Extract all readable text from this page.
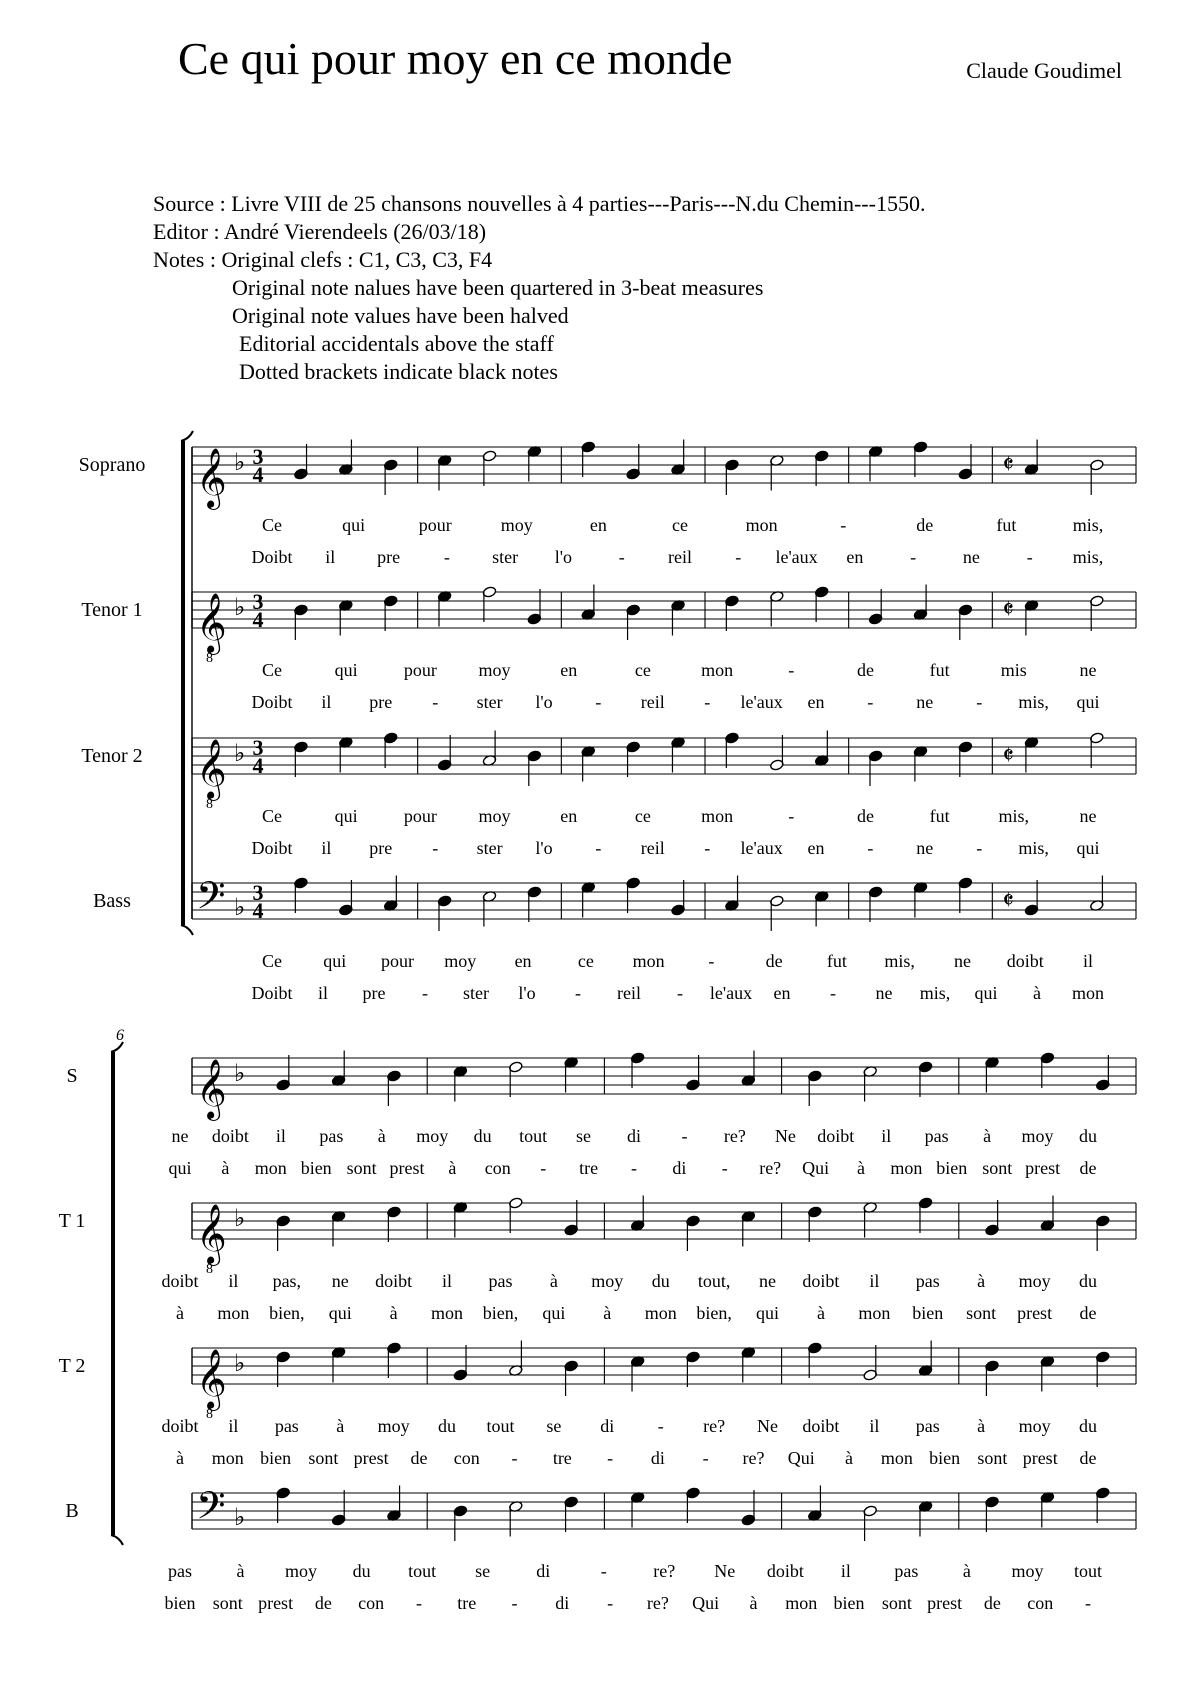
Ce qui pour moy en ce monde	Claude Goudimel
Source : Livre VIII de 25 chansons nouvelles à 4 parties---Paris---N.du Chemin---1550.
Editor : André Vierendeels (26/03/18)
Notes : Original clefs : C1, C3, C3, F4
Original note nalues have been quartered in 3-beat measures
Original note values have been halved
Editorial accidentals above the staff
Dotted brackets indicate black notes
𝄞 ♭ 3
4	𝄵
Soprano
Ce	qui	pour	moy	en	ce	mon	-	de	fut	mis,
Doibt il pre - ster l'o	- reil - le'aux en	-	ne	- mis,
𝄞
8
♭ 3
4	𝄵
Tenor 1
Ce	qui	pour moy	en	ce	mon	-	de	fut	mis	ne
Doibt il pre - ster l'o - reil - le'aux en - ne - mis, qui
𝄞
8
♭ 3
4	𝄵
Tenor 2
Ce	qui	pour moy	en	ce	mon	-	de	fut	mis,	ne
Doibt il pre - ster l'o - reil - le'aux en - ne - mis, qui
𝄢 ♭
3
4	𝄵
Bass
Ce qui pour moy en	ce mon -	de fut mis, ne doibt il
Doibt il pre - ster l'o - reil - le'aux en - ne mis, qui à mon
𝄞 ♭
S
ne doibt il pas à moy du tout se di - re? Ne doibt il pas à moy du
qui à mon bien sont prest à con - tre - di - re? Qui à mon bien sont prest de
𝄞
8
♭
T 1
doibt il pas, ne doibt il pas à moy du tout, ne doibt il pas à moy du
à mon bien, qui à mon bien, qui à mon bien, qui à mon bien sont prest de
𝄞
8
♭
T 2
doibt il pas à moy du tout se di - re? Ne doibt il pas à moy du
à mon bien sont prest de con - tre - di - re? Qui à mon bien sont prest de
𝄢 ♭
B
pas à moy du tout se	di	-	re? Ne doibt il pas à moy tout
bien sont prest de con - tre - di - re? Qui à mon bien sont prest de con -
6
